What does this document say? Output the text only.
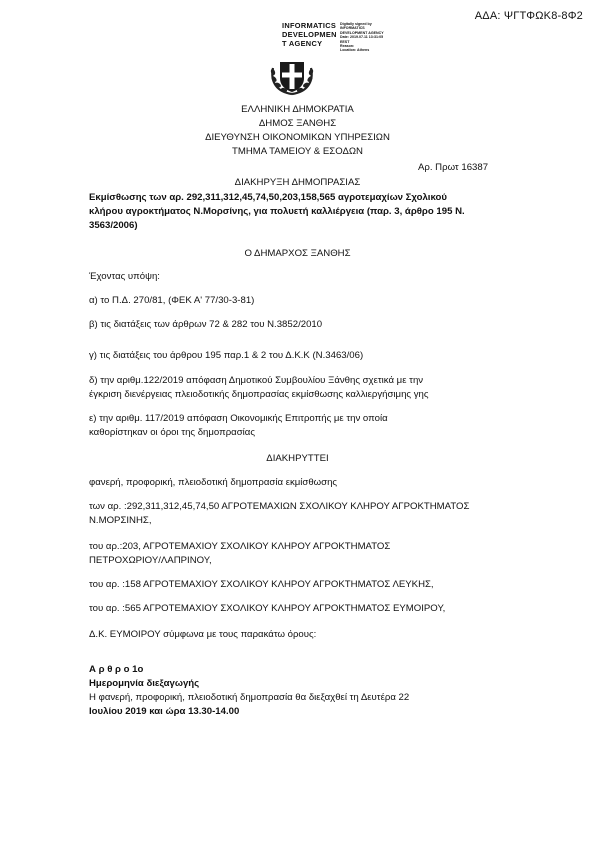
ΑΔΑ: ΨΓΤΦΩΚ8-8Φ2
INFORMATICS
DEVELOPMEN
T AGENCY
Digitally signed by
INFORMATICS
DEVELOPMENT AGENCY
Date: 2019.07.11 13:31:05
EEST
Reason:
Location: Athens
ΕΛΛΗΝΙΚΗ ΔΗΜΟΚΡΑΤΙΑ
ΔΗΜΟΣ ΞΑΝΘΗΣ
ΔΙΕΥΘΥΝΣΗ ΟΙΚΟΝΟΜΙΚΩΝ ΥΠΗΡΕΣΙΩΝ
ΤΜΗΜΑ ΤΑΜΕΙΟΥ & ΕΣΟΔΩΝ
Αρ. Πρωτ 16387
ΔΙΑΚΗΡΥΞΗ ΔΗΜΟΠΡΑΣΙΑΣ
Εκμίσθωσης των αρ. 292,311,312,45,74,50,203,158,565 αγροτεμαχίων Σχολικού
κλήρου αγροκτήματος Ν.Μορσίνης, για πολυετή καλλιέργεια (παρ. 3, άρθρο 195 Ν.
3563/2006)
Ο ΔΗΜΑΡΧΟΣ ΞΑΝΘΗΣ
Έχοντας υπόψη:
α) το Π.Δ. 270/81, (ΦΕΚ Α' 77/30-3-81)
β) τις διατάξεις των άρθρων 72 & 282 του Ν.3852/2010
γ) τις διατάξεις του άρθρου 195 παρ.1 & 2 του Δ.Κ.Κ (Ν.3463/06)
δ) την αριθμ.122/2019 απόφαση Δημοτικού Συμβουλίου Ξάνθης σχετικά με την
έγκριση διενέργειας πλειοδοτικής δημοπρασίας εκμίσθωσης καλλιεργήσιμης γης
ε) την αριθμ. 117/2019 απόφαση Οικονομικής Επιτροπής με την οποία
καθορίστηκαν οι όροι της δημοπρασίας
ΔΙΑΚΗΡΥΤΤΕΙ
φανερή, προφορική, πλειοδοτική δημοπρασία εκμίσθωσης
των αρ. :292,311,312,45,74,50 ΑΓΡΟΤΕΜΑΧΙΩΝ ΣΧΟΛΙΚΟΥ ΚΛΗΡΟΥ ΑΓΡΟΚΤΗΜΑΤΟΣ
Ν.ΜΟΡΣΙΝΗΣ,
του αρ.:203, ΑΓΡΟΤΕΜΑΧΙΟΥ ΣΧΟΛΙΚΟΥ ΚΛΗΡΟΥ ΑΓΡΟΚΤΗΜΑΤΟΣ
ΠΕΤΡΟΧΩΡΙΟΥ/ΛΑΠΡΙΝΟΥ,
του αρ. :158 ΑΓΡΟΤΕΜΑΧΙΟΥ ΣΧΟΛΙΚΟΥ ΚΛΗΡΟΥ ΑΓΡΟΚΤΗΜΑΤΟΣ ΛΕΥΚΗΣ,
του αρ. :565 ΑΓΡΟΤΕΜΑΧΙΟΥ ΣΧΟΛΙΚΟΥ ΚΛΗΡΟΥ ΑΓΡΟΚΤΗΜΑΤΟΣ ΕΥΜΟΙΡΟΥ,
Δ.Κ. ΕΥΜΟΙΡΟΥ σύμφωνα με τους παρακάτω όρους:
Α ρ θ ρ ο 1ο
Ημερομηνία διεξαγωγής
Η φανερή, προφορική, πλειοδοτική δημοπρασία θα διεξαχθεί τη Δευτέρα 22
Ιουλίου 2019 και ώρα 13.30-14.00
